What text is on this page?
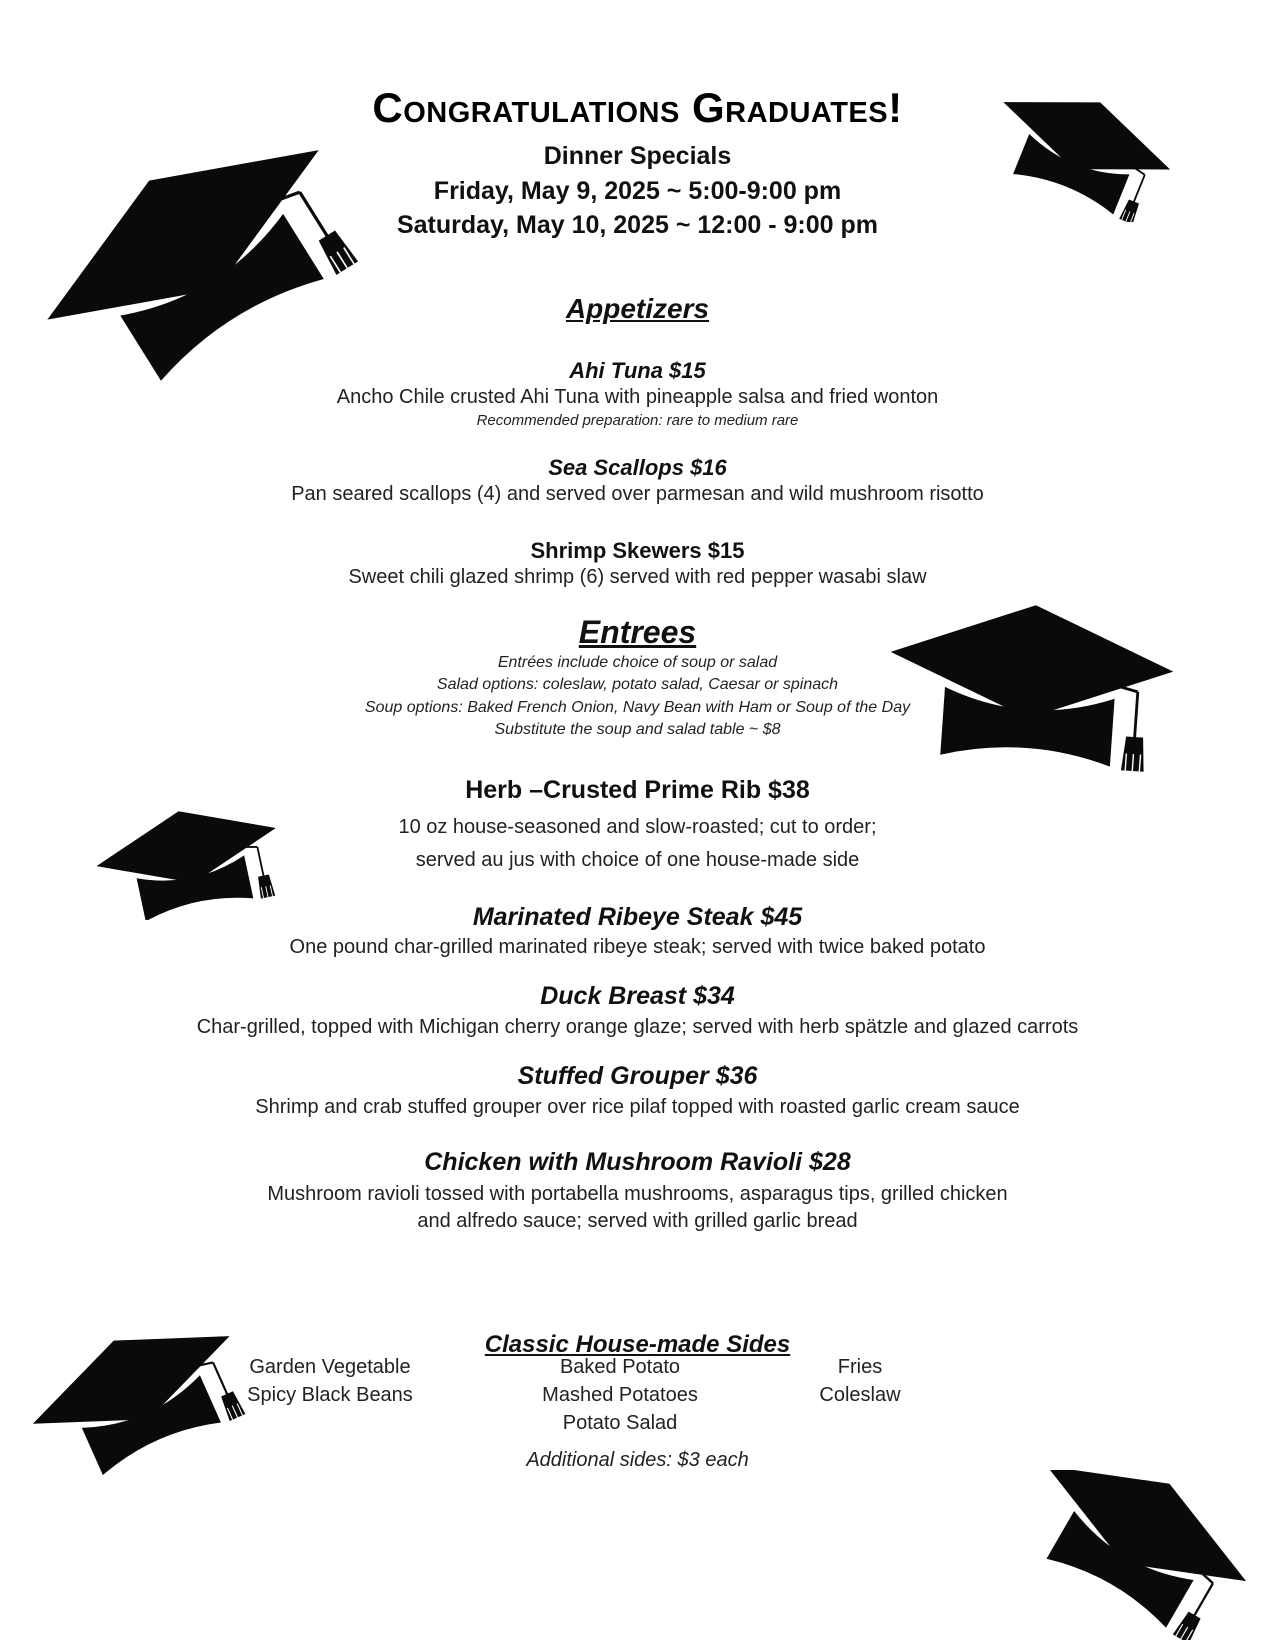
Congratulations Graduates!
Dinner Specials
Friday, May 9, 2025 ~ 5:00-9:00 pm
Saturday, May 10, 2025 ~ 12:00 - 9:00 pm
Appetizers
Ahi Tuna $15
Ancho Chile crusted Ahi Tuna with pineapple salsa and fried wonton
Recommended preparation: rare to medium rare
Sea Scallops $16
Pan seared scallops (4) and served over parmesan and wild mushroom risotto
Shrimp Skewers $15
Sweet chili glazed shrimp (6) served with red pepper wasabi slaw
Entrees
Entrées include choice of soup or salad
Salad options: coleslaw, potato salad, Caesar or spinach
Soup options: Baked French Onion, Navy Bean with Ham or Soup of the Day
Substitute the soup and salad table ~ $8
Herb –Crusted Prime Rib $38
10 oz house-seasoned and slow-roasted; cut to order;
served au jus with choice of one house-made side
Marinated Ribeye Steak $45
One pound char-grilled marinated ribeye steak; served with twice baked potato
Duck Breast $34
Char-grilled, topped with Michigan cherry orange glaze; served with herb spätzle and glazed carrots
Stuffed Grouper $36
Shrimp and crab stuffed grouper over rice pilaf topped with roasted garlic cream sauce
Chicken with Mushroom Ravioli $28
Mushroom ravioli tossed with portabella mushrooms, asparagus tips, grilled chicken
and alfredo sauce; served with grilled garlic bread
Classic House-made Sides
Garden Vegetable
Spicy Black Beans
Baked Potato
Mashed Potatoes
Potato Salad
Fries
Coleslaw
Additional sides: $3 each
